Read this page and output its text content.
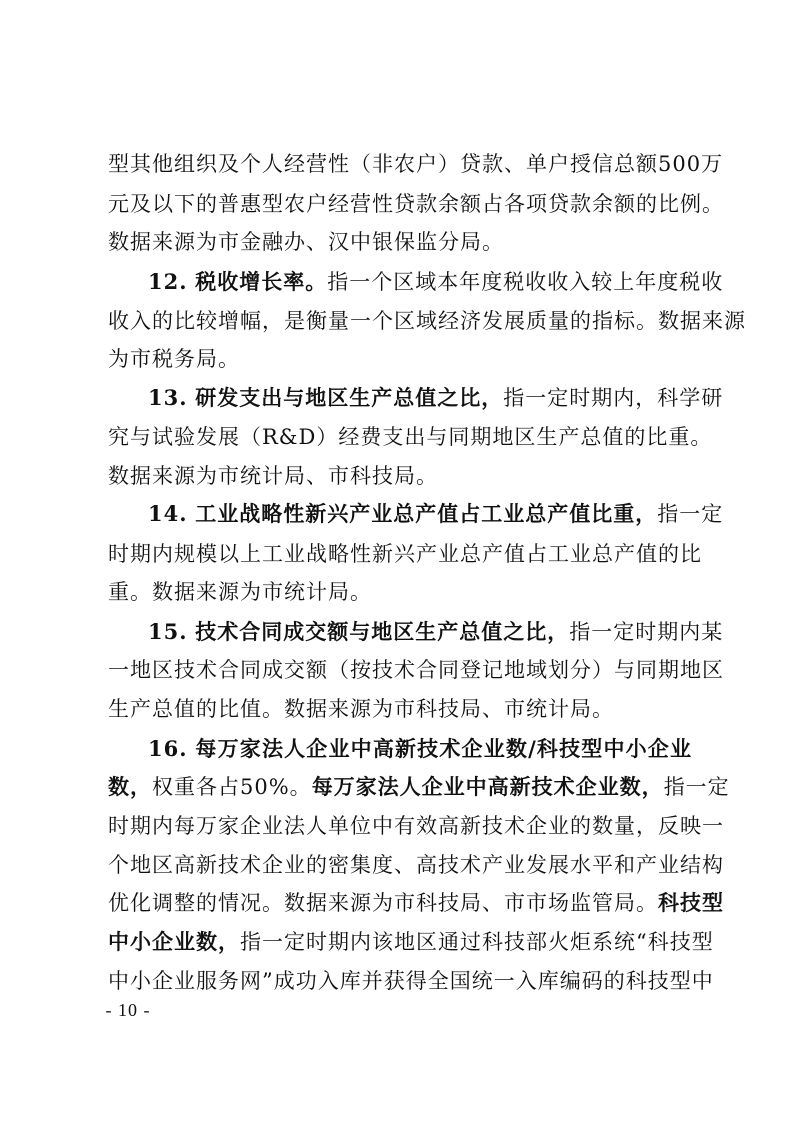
型其他组织及个人经营性（非农户）贷款、单户授信总额500万
元及以下的普惠型农户经营性贷款余额占各项贷款余额的比例。
数据来源为市金融办、汉中银保监分局。
12. 税收增长率。指一个区域本年度税收收入较上年度税收
收入的比较增幅，是衡量一个区域经济发展质量的指标。数据来源
为市税务局。
13. 研发支出与地区生产总值之比，指一定时期内，科学研
究与试验发展（R&D）经费支出与同期地区生产总值的比重。
数据来源为市统计局、市科技局。
14. 工业战略性新兴产业总产值占工业总产值比重，指一定
时期内规模以上工业战略性新兴产业总产值占工业总产值的比
重。数据来源为市统计局。
15. 技术合同成交额与地区生产总值之比，指一定时期内某
一地区技术合同成交额（按技术合同登记地域划分）与同期地区
生产总值的比值。数据来源为市科技局、市统计局。
16. 每万家法人企业中高新技术企业数/科技型中小企业
数，权重各占50%。每万家法人企业中高新技术企业数，指一定
时期内每万家企业法人单位中有效高新技术企业的数量，反映一
个地区高新技术企业的密集度、高技术产业发展水平和产业结构
优化调整的情况。数据来源为市科技局、市市场监管局。科技型
中小企业数，指一定时期内该地区通过科技部火炬系统“科技型
中小企业服务网”成功入库并获得全国统一入库编码的科技型中
- 10 -
